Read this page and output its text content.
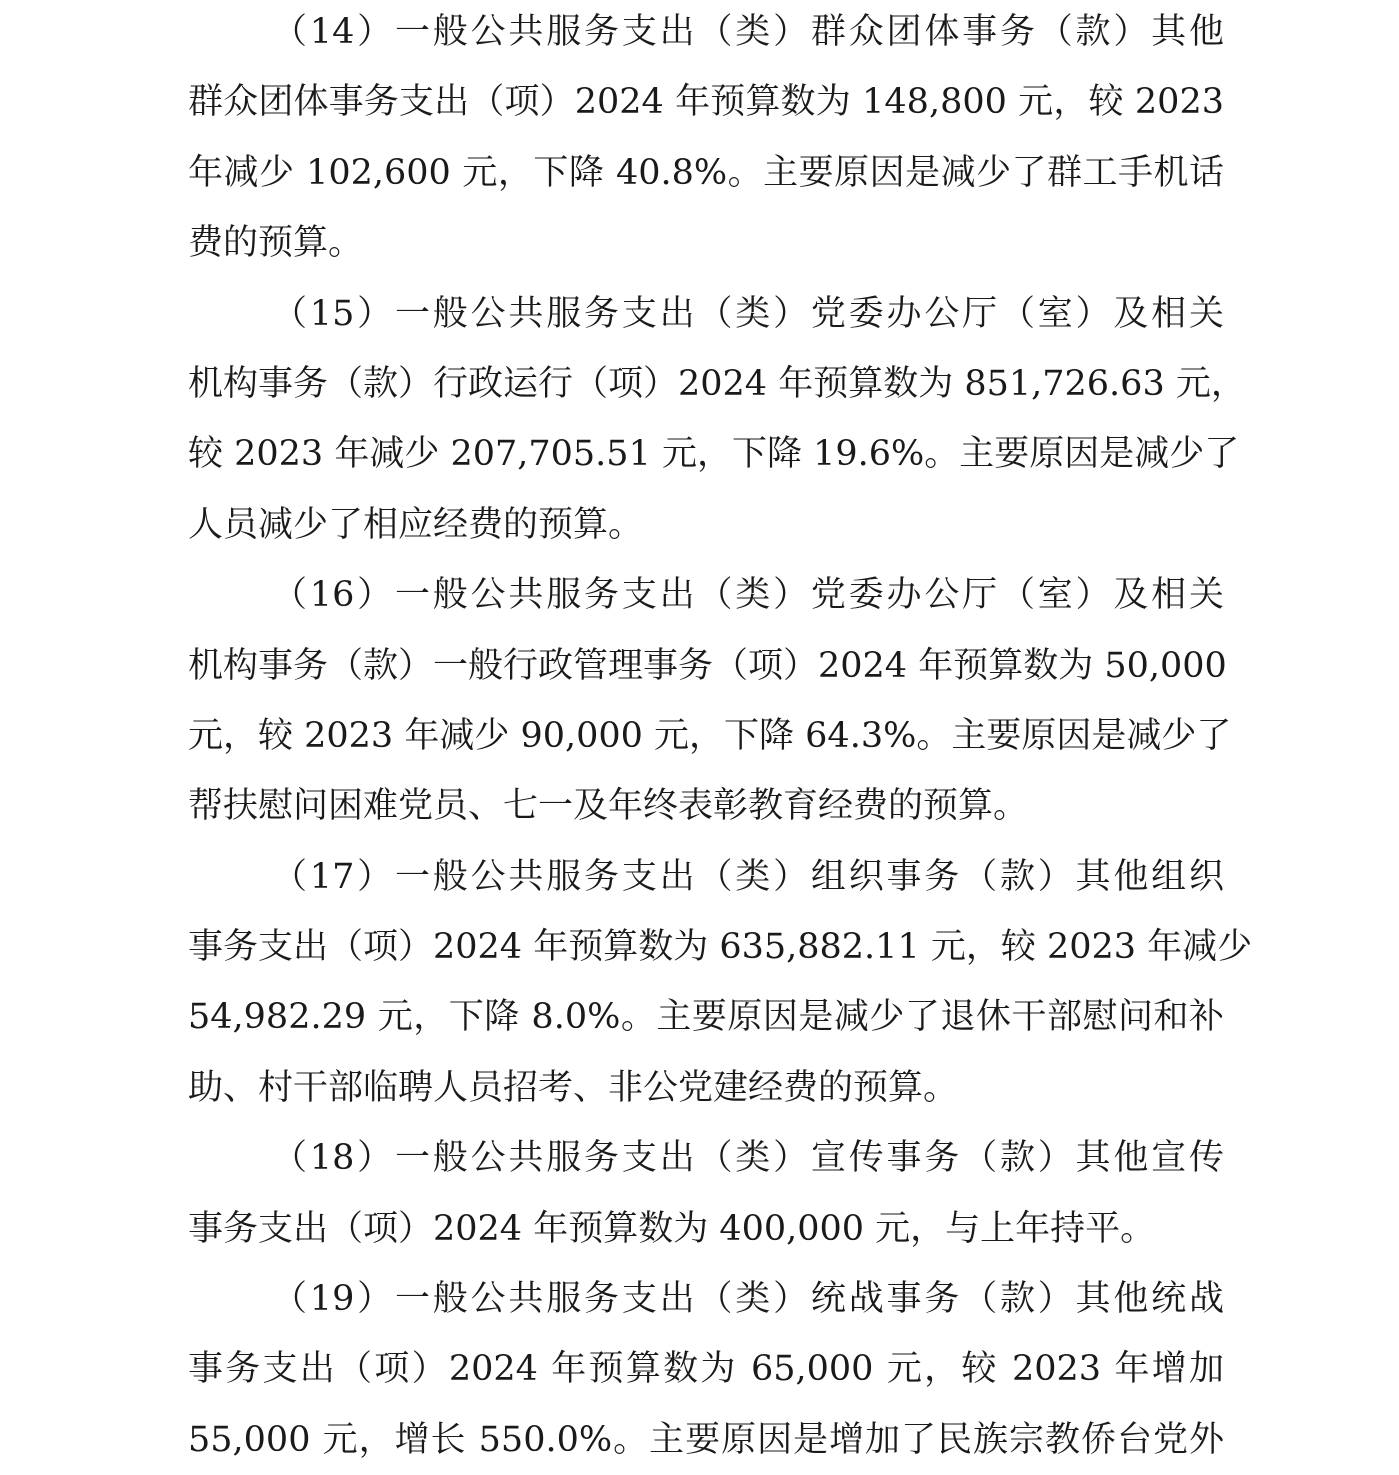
（14）一般公共服务支出（类）群众团体事务（款）其他
群众团体事务支出（项）2024 年预算数为 148,800 元，较 2023
年减少 102,600 元，下降 40.8%。主要原因是减少了群工手机话
费的预算。
（15）一般公共服务支出（类）党委办公厅（室）及相关
机构事务（款）行政运行（项）2024 年预算数为 851,726.63 元，
较 2023 年减少 207,705.51 元，下降 19.6%。主要原因是减少了
人员减少了相应经费的预算。
（16）一般公共服务支出（类）党委办公厅（室）及相关
机构事务（款）一般行政管理事务（项）2024 年预算数为 50,000
元，较 2023 年减少 90,000 元，下降 64.3%。主要原因是减少了
帮扶慰问困难党员、七一及年终表彰教育经费的预算。
（17）一般公共服务支出（类）组织事务（款）其他组织
事务支出（项）2024 年预算数为 635,882.11 元，较 2023 年减少
54,982.29 元，下降 8.0%。主要原因是减少了退休干部慰问和补
助、村干部临聘人员招考、非公党建经费的预算。
（18）一般公共服务支出（类）宣传事务（款）其他宣传
事务支出（项）2024 年预算数为 400,000 元，与上年持平。
（19）一般公共服务支出（类）统战事务（款）其他统战
事务支出（项）2024 年预算数为 65,000 元，较 2023 年增加
55,000 元，增长 550.0%。主要原因是增加了民族宗教侨台党外
